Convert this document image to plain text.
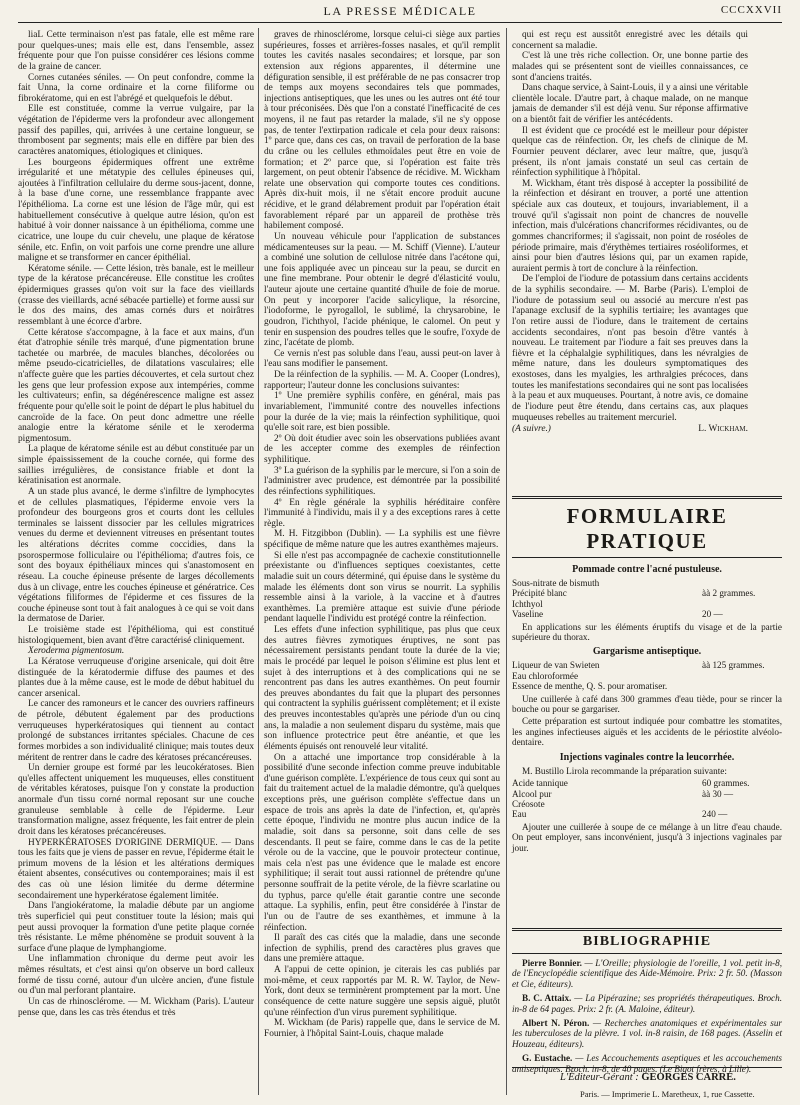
LA PRESSE MÉDICALE	CCCXXVII

liaL Cette terminaison n'est pas fatale, elle est même rare pour quelques-unes; mais elle est, dans l'ensemble, assez fréquente pour que l'on puisse considérer ces lésions comme de la graine de cancer.

Cornes cutanées séniles. — On peut confondre, comme la fait Unna, la corne ordinaire et la corne filiforme ou fibrokératome, qui en est l'abrégé et quelquefois le début.

Elle est constituée, comme la verrue vulgaire, par la végétation de l'épiderme vers la profondeur avec allongement passif des papilles, qui, arrivées à une certaine longueur, se thrombosent par segments; mais elle en diffère par bien des caractères anatomiques, étiologiques et cliniques.

Les bourgeons épidermiques offrent une extrême irrégularité et une métatypie des cellules épineuses qui, ajoutées à l'infiltration cellulaire du derme sous-jacent, donne, à la base d'une corne, une ressemblance frappante avec l'épithélioma. La corne est une lésion de l'âge mûr, qui est habituellement consécutive à quelque autre lésion, qu'on est habitué à voir donner naissance à un épithélioma, comme une cicatrice, une loupe du cuir chevelu, une plaque de kératose sénile, etc. Enfin, on voit parfois une corne prendre une allure maligne et se transformer en cancer épithélial.

Kératome sénile. — Cette lésion, très banale, est le meilleur type de la kératose précancéreuse. Elle constitue les croûtes épidermiques grasses qu'on voit sur la face des vieillards (crasse des vieillards, acné sébacée partielle) et forme aussi sur le dos des mains, des amas cornés durs et noirâtres ressemblant à une écorce d'arbre.

Cette kératose s'accompagne, à la face et aux mains, d'un état d'atrophie sénile très marqué, d'une pigmentation brune tachetée ou marbrée, de macules blanches, décolorées ou même pseudo-cicatricielles, de dilatations vasculaires; elle n'affecte guère que les parties découvertes, et cela surtout chez les gens que leur profession expose aux intempéries, comme les cultivateurs; enfin, sa dégénérescence maligne est assez fréquente pour qu'elle soit le point de départ le plus habituel du cancroïde de la face. On peut donc admettre une réelle analogie entre la kératome sénile et le xeroderma pigmentosum.

La plaque de kératome sénile est au début constituée par un simple épaississement de la couche cornée, qui forme des saillies irrégulières, de consistance friable et dont la kératinisation est anormale.

A un stade plus avancé, le derme s'infiltre de lymphocytes et de cellules plasmatiques, l'épiderme envoie vers la profondeur des bourgeons gros et courts dont les cellules terminales se laissent dissocier par les cellules migratrices venues du derme et deviennent vitreuses en présentant toutes les altérations décrites comme coccidies, dans la psorospermose folliculaire ou l'épithélioma; d'autres fois, ce sont des boyaux épithéliaux minces qui s'anastomosent en réseau. La couche épineuse présente de larges décollements dus à un clivage, entre les couches épineuse et génératrice. Ces végétations filiformes de l'épiderme et ces fissures de la couche épineuse sont tout à fait analogues à ce qui se voit dans la dermatose de Darier.

Le troisième stade est l'épithélioma, qui est constitué histologiquement, bien avant d'être caractérisé cliniquement.

Xeroderma pigmentosum.

La Kératose verruqueuse d'origine arsenicale, qui doit être distinguée de la kératodermie diffuse des paumes et des plantes due à la même cause, est le mode de début habituel du cancer arsenical.

Le cancer des ramoneurs et le cancer des ouvriers raffineurs de pétrole, débutent également par des productions verruqueuses hyperkératosiques qui tiennent au contact prolongé de substances irritantes spéciales. Chacune de ces formes morbides a son individualité clinique; mais toutes deux méritent de rentrer dans le cadre des kératoses précancéreuses.

Un dernier groupe est formé par les leucokératoses. Bien qu'elles affectent uniquement les muqueuses, elles constituent de véritables kératoses, puisque l'on y constate la production anormale d'un tissu corné normal reposant sur une couche granuleuse semblable à celle de l'épiderme. Leur transformation maligne, assez fréquente, les fait entrer de plein droit dans les kératoses précancéreuses.

HYPERKÉRATOSES D'ORIGINE DERMIQUE. — Dans tous les faits que je viens de passer en revue, l'épiderme était le primum movens de la lésion et les altérations dermiques étaient absentes, consécutives ou contemporaines; mais il est des cas où une lésion limitée du derme détermine secondairement une hyperkératose également limitée.

Dans l'angiokératome, la maladie débute par un angiome très superficiel qui peut constituer toute la lésion; mais qui peut aussi provoquer la formation d'une petite plaque cornée très résistante. Le même phénomène se produit souvent à la surface d'une plaque de lymphangiome.

Une inflammation chronique du derme peut avoir les mêmes résultats, et c'est ainsi qu'on observe un bord calleux formé de tissu corné, autour d'un ulcère ancien, d'une fistule ou d'un mal perforant plantaire.

Un cas de rhinosclérome. — M. Wickham (Paris). L'auteur pense que, dans les cas très étendus et très

graves de rhinosclérome, lorsque celui-ci siège aux parties supérieures, fosses et arrières-fosses nasales, et qu'il remplit toutes les cavités nasales secondaires; et lorsque, par son extension aux régions apparentes, il détermine une défiguration sensible, il est préférable de ne pas consacrer trop de temps aux moyens secondaires tels que pommades, injections antiseptiques, que les unes ou les autres ont été tour à tour préconisées. Dès que l'on a constaté l'inefficacité de ces moyens, il ne faut pas retarder la malade, s'il ne s'y oppose pas, de tenter l'extirpation radicale et cela pour deux raisons: 1º parce que, dans ces cas, on travail de perforation de la base du crâne ou les cellules ethmoïdales peut être en voie de formation; et 2º parce que, si l'opération est faite très largement, on peut obtenir l'absence de récidive. M. Wickham relate une observation qui comporte toutes ces conditions. Après dix-huit mois, il ne s'était encore produit aucune récidive, et le grand délabrement produit par l'opération était favorablement réparé par un appareil de prothèse très habilement composé.

Un nouveau véhicule pour l'application de substances médicamenteuses sur la peau. — M. Schiff (Vienne). L'auteur a combiné une solution de cellulose nitrée dans l'acétone qui, une fois appliquée avec un pinceau sur la peau, se durcit en une fine membrane. Pour obtenir le degré d'élasticité voulu, l'auteur ajoute une certaine quantité d'huile de foie de morue. On peut y incorporer l'acide salicylique, la résorcine, l'iodoforme, le pyrogallol, le sublimé, la chrysarobine, le goudron, l'ichthyol, l'acide phénique, le calomel. On peut y tenir en suspension des poudres telles que le soufre, l'oxyde de zinc, l'acétate de plomb.

Ce vernis n'est pas soluble dans l'eau, aussi peut-on laver à l'eau sans modifier le pansement.

De la réinfection de la syphilis. — M. A. Cooper (Londres), rapporteur; l'auteur donne les conclusions suivantes:

1º Une première syphilis confère, en général, mais pas invariablement, l'immunité contre des nouvelles infections pour la durée de la vie; mais la réinfection syphilitique, quoi qu'elle soit rare, est bien possible.

2º Où doit étudier avec soin les observations publiées avant de les accepter comme des exemples de réinfection syphilitique.

3º La guérison de la syphilis par le mercure, si l'on a soin de l'administrer avec prudence, est démontrée par la possibilité des réinfections syphilitiques.

4º En règle générale la syphilis héréditaire confère l'immunité à l'individu, mais il y a des exceptions rares à cette règle.

M. H. Fitzgibbon (Dublin). — La syphilis est une fièvre spécifique de même nature que les autres exanthèmes majeurs.

Si elle n'est pas accompagnée de cachexie constitutionnelle préexistante ou d'influences septiques coexistantes, cette maladie suit un cours déterminé, qui épuise dans le système du malade les éléments dont son virus se nourrit. La syphilis ressemble ainsi à la variole, à la vaccine et à d'autres exanthèmes. La première attaque est suivie d'une période pendant laquelle l'individu est protégé contre la réinfection.

Les effets d'une infection syphilitique, pas plus que ceux des autres fièvres zymotiques éruptives, ne sont pas nécessairement persistants pendant toute la durée de la vie; mais le procédé par lequel le poison s'élimine est plus lent et sujet à des interruptions et à des complications qui ne se rencontrent pas dans les autres exanthèmes. On peut fournir des preuves abondantes du fait que la plupart des personnes qui contractent la syphilis guérissent complètement; et il existe des preuves incontestables qu'après une période d'un ou cinq ans, la maladie a non seulement disparu du système, mais que son influence protectrice peut être anéantie, et que les éléments épuisés ont renouvelé leur vitalité.

On a attaché une importance trop considérable à la possibilité d'une seconde infection comme preuve indubitable d'une guérison complète. L'expérience de tous ceux qui sont au fait du traitement actuel de la maladie démontre, qu'à quelques exceptions près, une guérison complète s'effectue dans un espace de trois ans après la date de l'infection, et, qu'après cette époque, l'individu ne montre plus aucun indice de la maladie, soit dans sa personne, soit dans celle de ses descendants. Il peut se faire, comme dans le cas de la petite vérole ou de la vaccine, que le pouvoir protecteur continue, mais cela n'est pas une évidence que le malade est encore syphilitique; il serait tout aussi rationnel de prétendre qu'une personne souffrait de la petite vérole, de la fièvre scarlatine ou du typhus, parce qu'elle était garantie contre une seconde attaque. La syphilis, enfin, peut être considérée à l'instar de l'un ou de l'autre de ses exanthèmes, et immune à la réinfection.

Il paraît des cas cités que la maladie, dans une seconde infection de syphilis, prend des caractères plus graves que dans une première attaque.

A l'appui de cette opinion, je citerais les cas publiés par moi-même, et ceux rapportés par M. R. W. Taylor, de New-York, dont deux se terminèrent promptement par la mort. Une conséquence de cette nature suggère une sepsis aiguë, plutôt qu'une réinfection d'un virus purement syphilitique.

M. Wickham (de Paris) rappelle que, dans le service de M. Fournier, à l'hôpital Saint-Louis, chaque malade

qui est reçu est aussitôt enregistré avec les détails qui concernent sa maladie.

C'est là une très riche collection. Or, une bonne partie des malades qui se présentent sont de vieilles connaissances, ce sont d'anciens traités.

Dans chaque service, à Saint-Louis, il y a ainsi une véritable clientèle locale. D'autre part, à chaque malade, on ne manque jamais de demander s'il est déjà venu. Sur réponse affirmative on a bientôt fait de vérifier les antécédents.

Il est évident que ce procédé est le meilleur pour dépister quelque cas de réinfection. Or, les chefs de clinique de M. Fournier peuvent déclarer, avec leur maître, que, jusqu'à présent, ils n'ont jamais constaté un seul cas certain de réinfection syphilitique à l'hôpital.

M. Wickham, étant très disposé à accepter la possibilité de la réinfection et désirant en trouver, a porté une attention spéciale aux cas douteux, et toujours, invariablement, il a trouvé qu'il s'agissait non point de chancres de nouvelle infection, mais d'ulcérations chancriformes récidivantes, ou de gommes chancriformes; il s'agissait, non point de roséoles de période primaire, mais d'érythèmes tertiaires roséoliformes, et ainsi pour bien d'autres lésions qui, par un examen rapide, auraient permis à tort de conclure à la réinfection.

De l'emploi de l'iodure de potassium dans certains accidents de la syphilis secondaire. — M. Barbe (Paris). L'emploi de l'iodure de potassium seul ou associé au mercure n'est pas l'apanage exclusif de la syphilis tertiaire; les avantages que l'on retire aussi de l'iodure, dans le traitement de certains accidents secondaires, n'ont pas besoin d'être vantés à nouveau. Le traitement par l'iodure a fait ses preuves dans la fièvre et la céphalalgie syphilitiques, dans les névralgies de même nature, dans les douleurs symptomatiques des exostoses, dans les myalgies, les arthralgies précoces, dans toutes les manifestations secondaires qui ne sont pas localisées à la peau et aux muqueuses. Pourtant, à notre avis, ce domaine de l'iodure peut être étendu, dans certains cas, aux plaques muqueuses rebelles au traitement mercuriel.

(A suivre.)	L. Wickham.
FORMULAIRE PRATIQUE
Pommade contre l'acné pustuleuse.
Sous-nitrate de bismuth
Précipité blanc	àà 2 grammes.
Ichthyol
Vaseline	20 —
En applications sur les éléments éruptifs du visage et de la partie supérieure du thorax.
Gargarisme antiseptique.
Liqueur de van Swieten	àà 125 grammes.
Eau chloroformée
Essence de menthe, Q. S. pour aromatiser.
Une cuillerée à café dans 300 grammes d'eau tiède, pour se rincer la bouche ou pour se gargariser.
Cette préparation est surtout indiquée pour combattre les stomatites, les angines infectieuses aiguës et les accidents de le périostite alvéolo-dentaire.
Injections vaginales contre la leucorrhée.
M. Bustillo Lirola recommande la préparation suivante:
Acide tannique	60 grammes.
Alcool pur	àà 30 —
Créosote
Eau	240 —
Ajouter une cuillerée à soupe de ce mélange à un litre d'eau chaude. On peut employer, sans inconvénient, jusqu'à 3 injections vaginales par jour.
BIBLIOGRAPHIE

Pierre Bonnier. — L'Oreille; physiologie de l'oreille, 1 vol. petit in-8, de l'Encyclopédie scientifique des Aide-Mémoire. Prix: 2 fr. 50. (Masson et Cie, éditeurs).

B. C. Attaix. — La Pipérazine; ses propriétés thérapeutiques. Broch. in-8 de 64 pages. Prix: 2 fr. (A. Maloine, éditeur).

Albert N. Péron. — Recherches anatomiques et expérimentales sur les tuberculoses de la plèvre. 1 vol. in-8 raisin, de 168 pages. (Asselin et Houzeau, éditeurs).

G. Eustache. — Les Accouchements aseptiques et les accouchements antiseptiques. Broch. in-8, de 40 pages. (Le Bigot frères, à Lille).

L'Éditeur-Gérant : GEORGES CARRÉ.
Paris. — Imprimerie L. Maretheux, 1, rue Cassette.
